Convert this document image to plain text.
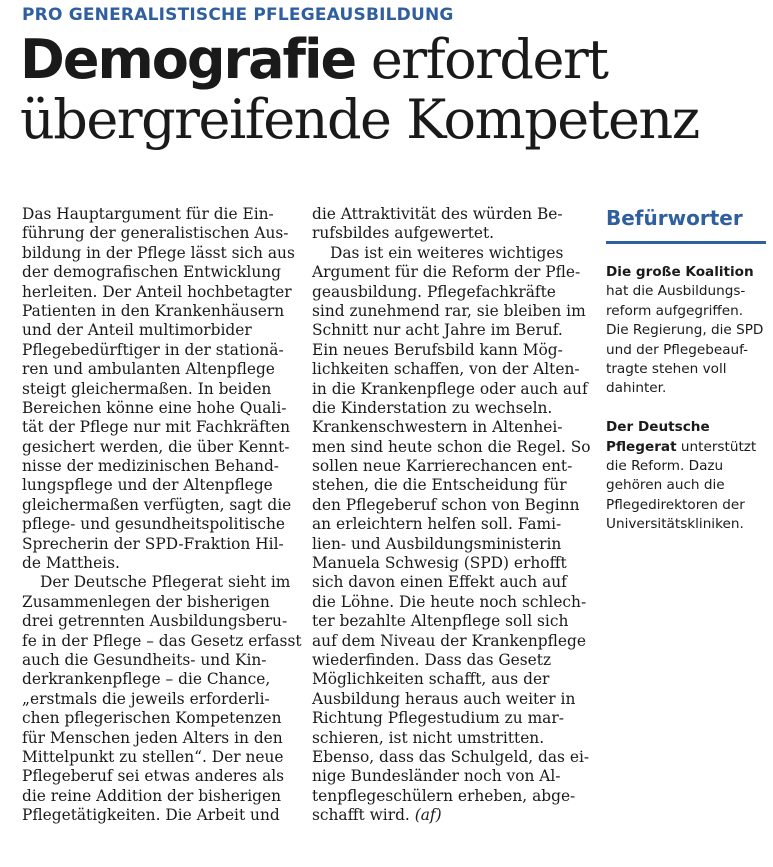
PRO GENERALISTISCHE PFLEGEAUSBILDUNG
Demografie erfordert
übergreifende Kompetenz
Das Hauptargument für die Ein-
führung der generalistischen Aus-
bildung in der Pflege lässt sich aus
der demografischen Entwicklung
herleiten. Der Anteil hochbetagter
Patienten in den Krankenhäusern
und der Anteil multimorbider
Pflegebedürftiger in der stationä-
ren und ambulanten Altenpflege
steigt gleichermaßen. In beiden
Bereichen könne eine hohe Quali-
tät der Pflege nur mit Fachkräften
gesichert werden, die über Kennt-
nisse der medizinischen Behand-
lungspflege und der Altenpflege
gleichermaßen verfügten, sagt die
pflege- und gesundheitspolitische
Sprecherin der SPD-Fraktion Hil-
de Mattheis.
Der Deutsche Pflegerat sieht im
Zusammenlegen der bisherigen
drei getrennten Ausbildungsberu-
fe in der Pflege – das Gesetz erfasst
auch die Gesundheits- und Kin-
derkrankenpflege – die Chance,
„erstmals die jeweils erforderli-
chen pflegerischen Kompetenzen
für Menschen jeden Alters in den
Mittelpunkt zu stellen“. Der neue
Pflegeberuf sei etwas anderes als
die reine Addition der bisherigen
Pflegetätigkeiten. Die Arbeit und
die Attraktivität des würden Be-
rufsbildes aufgewertet.
Das ist ein weiteres wichtiges
Argument für die Reform der Pfle-
geausbildung. Pflegefachkräfte
sind zunehmend rar, sie bleiben im
Schnitt nur acht Jahre im Beruf.
Ein neues Berufsbild kann Mög-
lichkeiten schaffen, von der Alten-
in die Krankenpflege oder auch auf
die Kinderstation zu wechseln.
Krankenschwestern in Altenhei-
men sind heute schon die Regel. So
sollen neue Karrierechancen ent-
stehen, die die Entscheidung für
den Pflegeberuf schon von Beginn
an erleichtern helfen soll. Fami-
lien- und Ausbildungsministerin
Manuela Schwesig (SPD) erhofft
sich davon einen Effekt auch auf
die Löhne. Die heute noch schlech-
ter bezahlte Altenpflege soll sich
auf dem Niveau der Krankenpflege
wiederfinden. Dass das Gesetz
Möglichkeiten schafft, aus der
Ausbildung heraus auch weiter in
Richtung Pflegestudium zu mar-
schieren, ist nicht umstritten.
Ebenso, dass das Schulgeld, das ei-
nige Bundesländer noch von Al-
tenpflegeschülern erheben, abge-
schafft wird. (af)
Befürworter
Die große Koalition
hat die Ausbildungs-
reform aufgegriffen.
Die Regierung, die SPD
und der Pflegebeauf-
tragte stehen voll
dahinter.
Der Deutsche
Pflegerat unterstützt
die Reform. Dazu
gehören auch die
Pflegedirektoren der
Universitätskliniken.
